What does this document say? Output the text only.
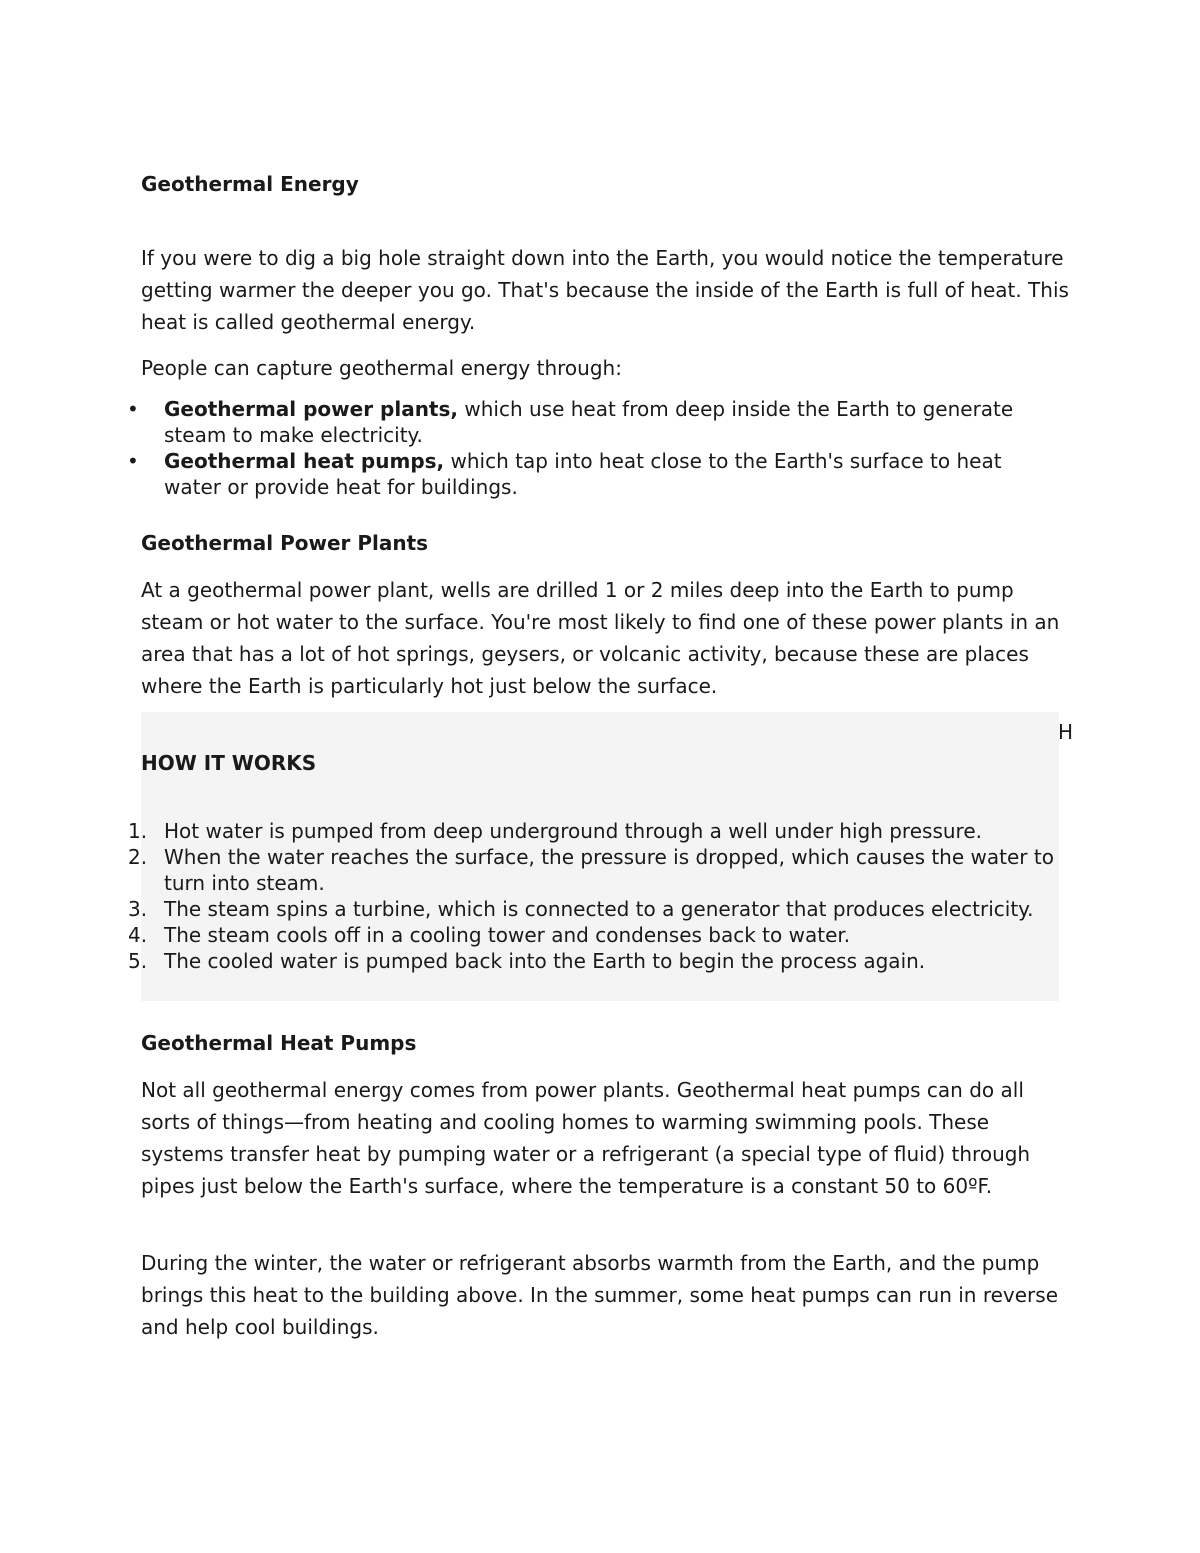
Geothermal Energy

If you were to dig a big hole straight down into the Earth, you would notice the temperature getting warmer the deeper you go. That's because the inside of the Earth is full of heat. This heat is called geothermal energy.

People can capture geothermal energy through:

• Geothermal power plants, which use heat from deep inside the Earth to generate steam to make electricity.
• Geothermal heat pumps, which tap into heat close to the Earth's surface to heat water or provide heat for buildings.
Geothermal Power Plants

At a geothermal power plant, wells are drilled 1 or 2 miles deep into the Earth to pump steam or hot water to the surface. You're most likely to find one of these power plants in an area that has a lot of hot springs, geysers, or volcanic activity, because these are places where the Earth is particularly hot just below the surface.

H
HOW IT WORKS
1. Hot water is pumped from deep underground through a well under high pressure.
2. When the water reaches the surface, the pressure is dropped, which causes the water to turn into steam.
3. The steam spins a turbine, which is connected to a generator that produces electricity.
4. The steam cools off in a cooling tower and condenses back to water.
5. The cooled water is pumped back into the Earth to begin the process again.
Geothermal Heat Pumps

Not all geothermal energy comes from power plants. Geothermal heat pumps can do all sorts of things—from heating and cooling homes to warming swimming pools. These systems transfer heat by pumping water or a refrigerant (a special type of fluid) through pipes just below the Earth's surface, where the temperature is a constant 50 to 60ºF.

During the winter, the water or refrigerant absorbs warmth from the Earth, and the pump brings this heat to the building above. In the summer, some heat pumps can run in reverse and help cool buildings.
